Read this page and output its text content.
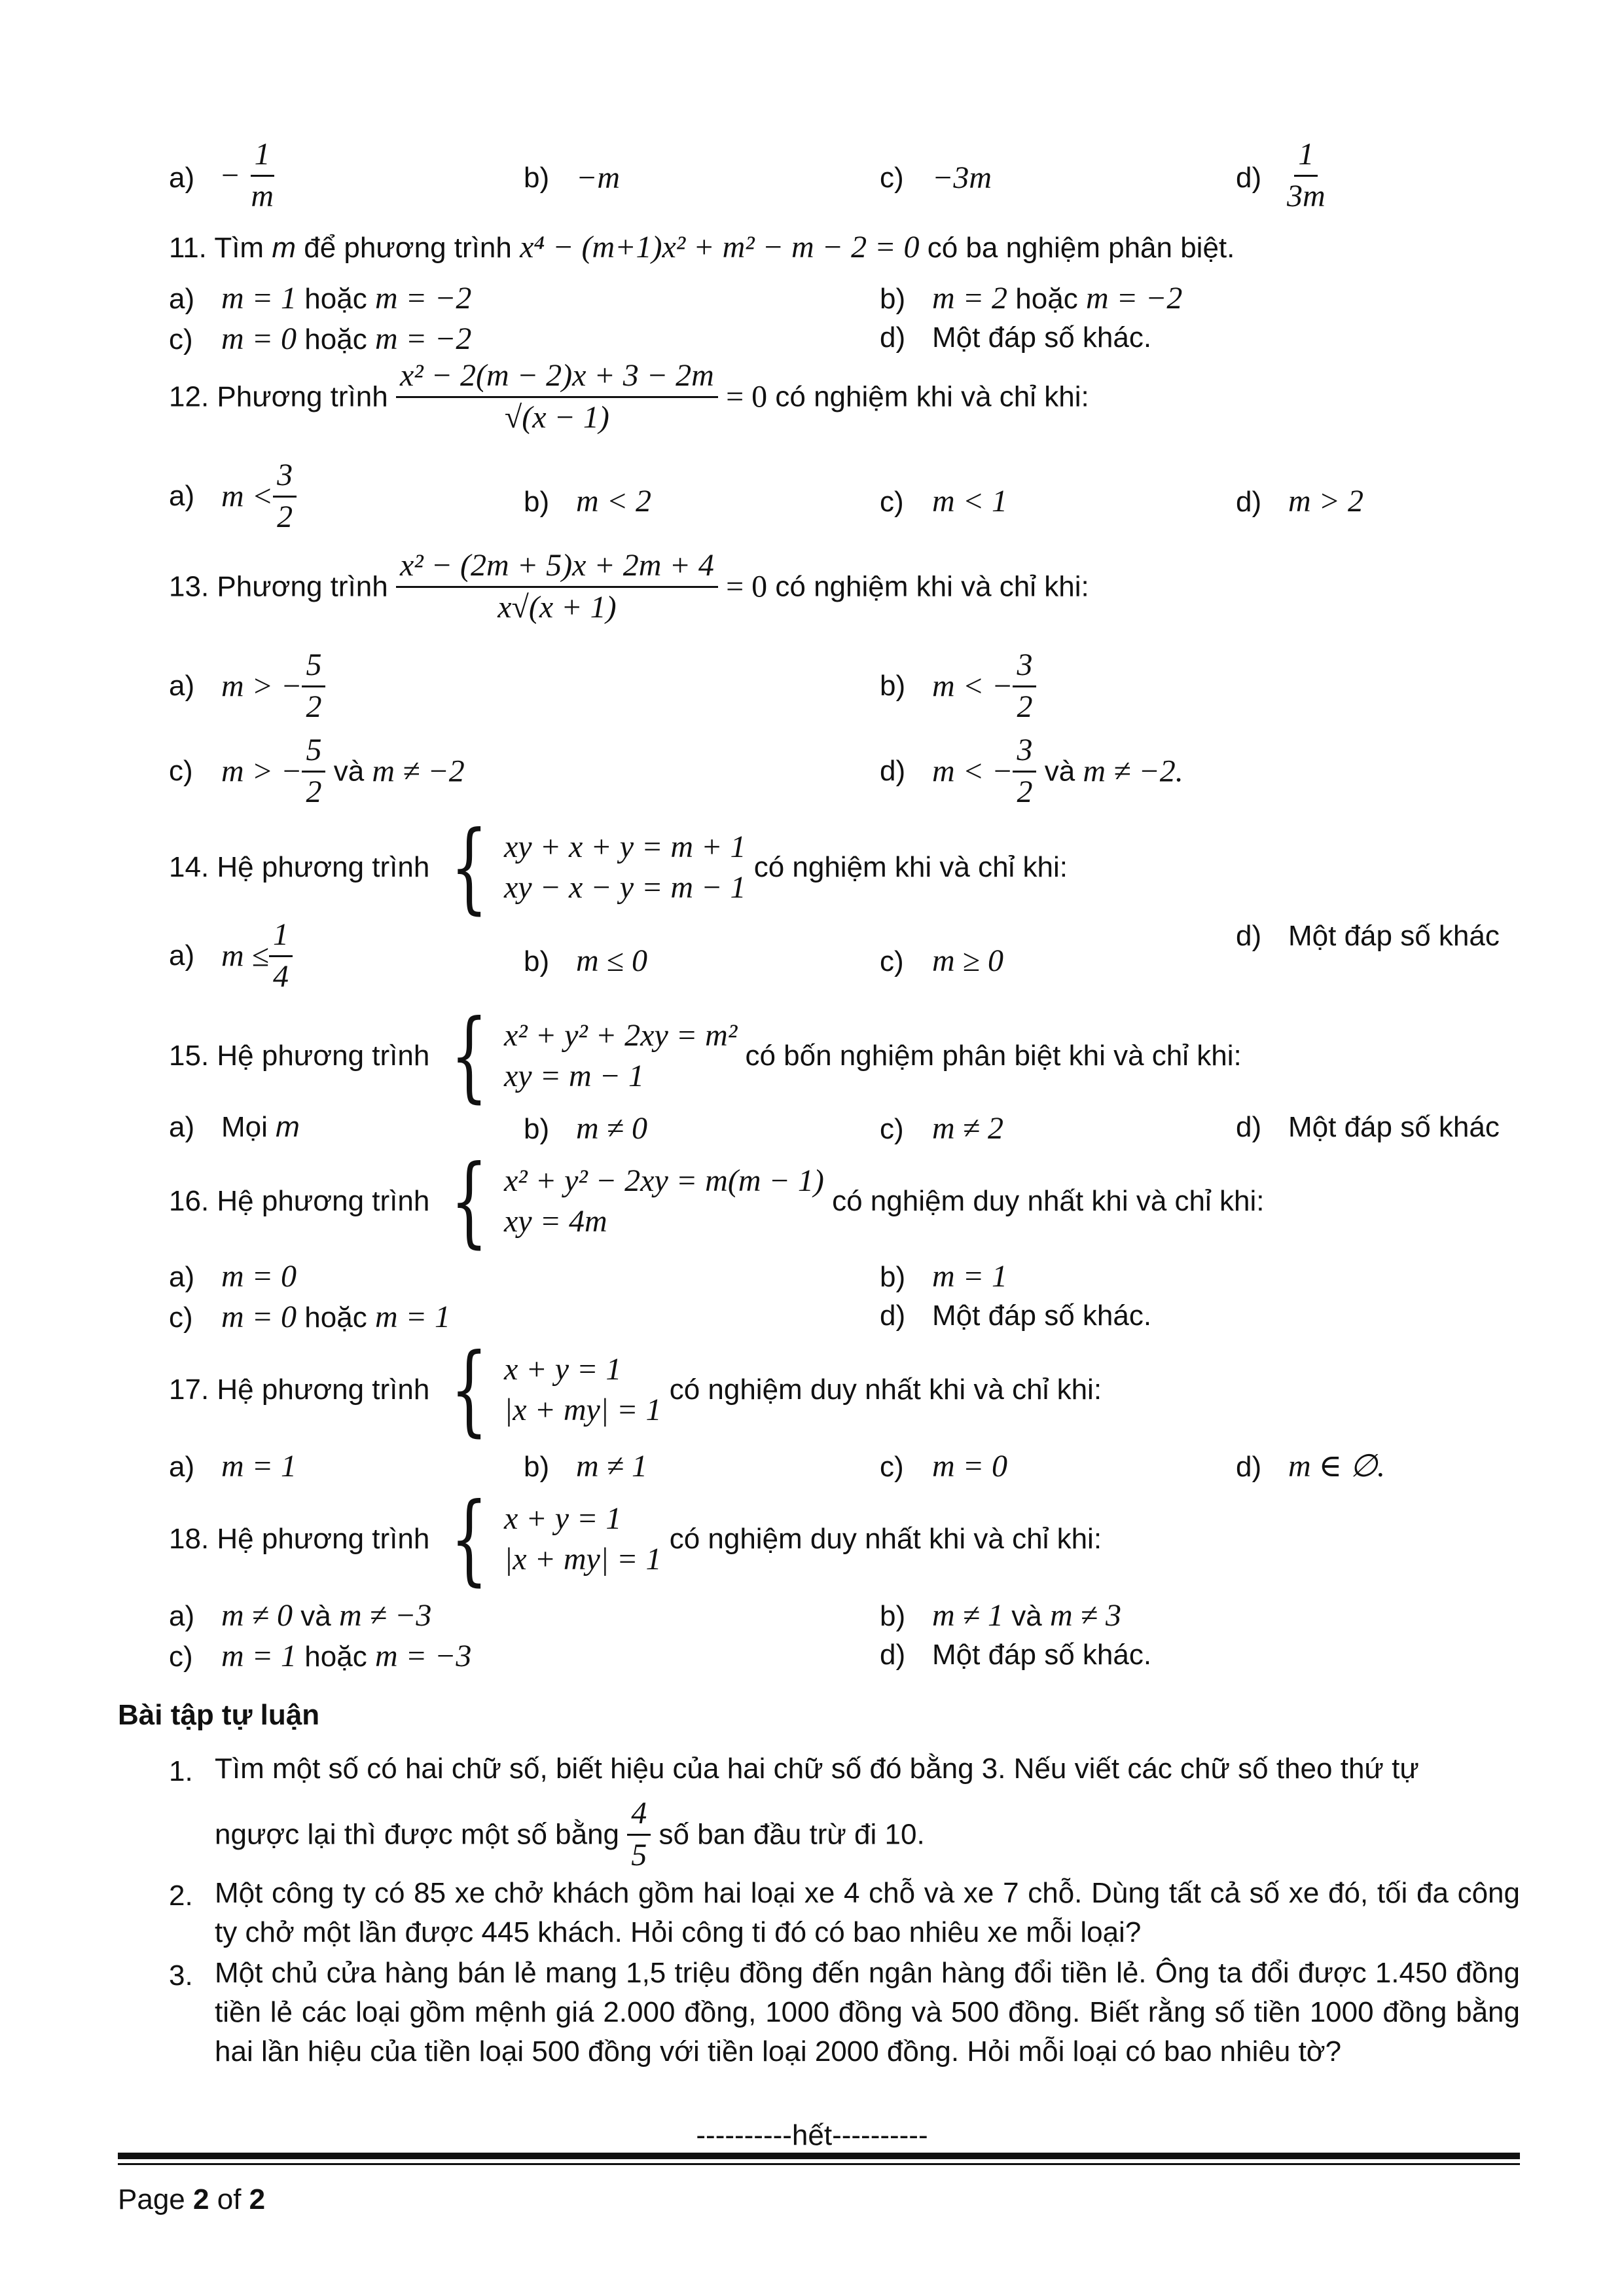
$a) - \frac{1}{m}$	b) −m	c) −3m	$d) \frac{1}{3m}$
11. Tìm m để phương trình x⁴ − (m+1)x² + m² − m − 2 = 0 có ba nghiệm phân biệt.
a) m = 1 hoặc m = −2	b) m = 2 hoặc m = −2
c) m = 0 hoặc m = −2	d) Một đáp số khác.
12. Phương trình $\frac{\text{x² − 2(m − 2)x + 3 − 2m}}{√(x - 1)} = 0$ có nghiệm khi và chỉ khi:
a) $m < \frac{3}{2}$	b) m < 2	c) m < 1	d) m > 2
13. Phương trình $\frac{\text{x² − (2m + 5)x + 2m + 4}}{x√(x + 1)} = 0$ có nghiệm khi và chỉ khi:
a) m > − $\frac{5}{2}$	b) m < − $\frac{3}{2}$
c) m > − $\frac{5}{2}$ và m ≠ −2	d) m < − $\frac{3}{2}$ và m ≠ −2.
14. Hệ phương trình { xy + x + y = m + 1
xy − x − y = m − 1
có nghiệm khi và chỉ khi:
a) $m \le \frac{1}{4}$	b) m ≤ 0	c) m ≥ 0
d) Một đáp số khác
15. Hệ phương trình { x² + y² + 2xy = m²
xy = m − 1
có bốn nghiệm phân biệt khi và chỉ khi:
a) Mọi m	b) m ≠ 0	c) m ≠ 2	d) Một đáp số khác
16. Hệ phương trình { x² + y² − 2xy = m(m − 1)
xy = 4m
có nghiệm duy nhất khi và chỉ khi:
a) m = 0	b) m = 1
c) m = 0 hoặc m = 1	d) Một đáp số khác.
17. Hệ phương trình { x + y = 1
|x + my| = 1
có nghiệm duy nhất khi và chỉ khi:
a) m = 1	b) m ≠ 1	c) m = 0	d) m ∈ ∅.
18. Hệ phương trình { x + y = 1
|x + my| = 1
có nghiệm duy nhất khi và chỉ khi:
a) m ≠ 0 và m ≠ −3	b) m ≠ 1 và m ≠ 3
c) m = 1 hoặc m = −3	d) Một đáp số khác.
Bài tập tự luận
1. Tìm một số có hai chữ số, biết hiệu của hai chữ số đó bằng 3. Nếu viết các chữ số theo thứ tự
ngược lại thì được một số bằng $\frac{4}{5}$ số ban đầu trừ đi 10.
2. Một công ty có 85 xe chở khách gồm hai loại xe 4 chỗ và xe 7 chỗ. Dùng tất cả số xe đó, tối đa công ty chở một lần được 445 khách. Hỏi công ti đó có bao nhiêu xe mỗi loại?
3. Một chủ cửa hàng bán lẻ mang 1,5 triệu đồng đến ngân hàng đổi tiền lẻ. Ông ta đổi được 1.450 đồng tiền lẻ các loại gồm mệnh giá 2.000 đồng, 1000 đồng và 500 đồng. Biết rằng số tiền 1000 đồng bằng hai lần hiệu của tiền loại 500 đồng với tiền loại 2000 đồng. Hỏi mỗi loại có bao nhiêu tờ?
----------hết----------
Page 2 of 2
